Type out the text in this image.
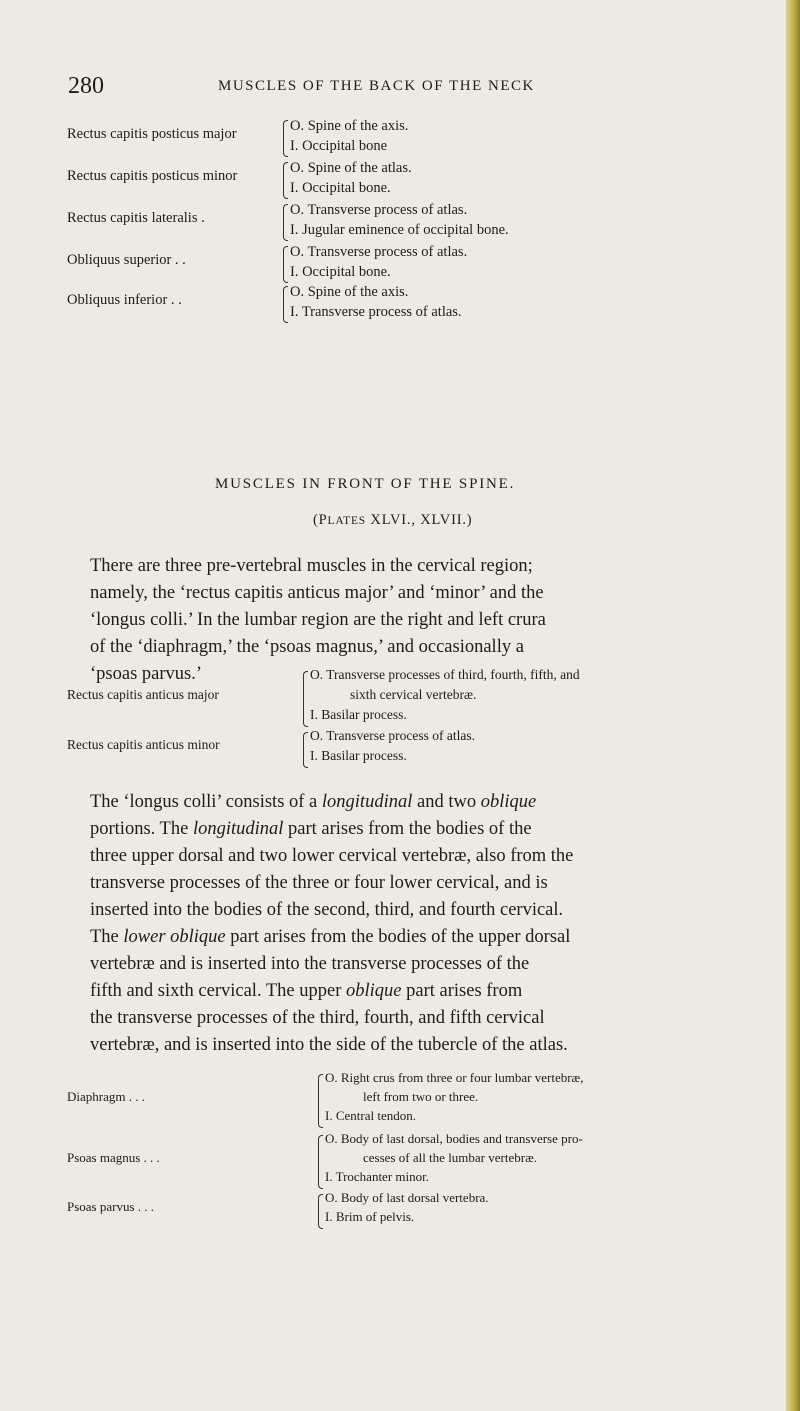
280	MUSCLES OF THE BACK OF THE NECK
Rectus capitis posticus major	O. Spine of the axis.
I. Occipital bone
Rectus capitis posticus minor	O. Spine of the atlas.
I. Occipital bone.
Rectus capitis lateralis .	O. Transverse process of atlas.
I. Jugular eminence of occipital bone.
Obliquus superior . .	O. Transverse process of atlas.
I. Occipital bone.
Obliquus inferior . .	O. Spine of the axis.
I. Transverse process of atlas.
MUSCLES IN FRONT OF THE SPINE.
(PLATES XLVI., XLVII.)
There are three pre-vertebral muscles in the cervical region;
namely, the ‘rectus capitis anticus major’ and ‘minor’ and the
‘longus colli.’ In the lumbar region are the right and left crura
of the ‘diaphragm,’ the ‘psoas magnus,’ and occasionally a
‘psoas parvus.’
Rectus capitis anticus major
O. Transverse processes of third, fourth, fifth, and
sixth cervical vertebræ.
I. Basilar process.
Rectus capitis anticus minor
O. Transverse process of atlas.
I. Basilar process.
The ‘longus colli’ consists of a longitudinal and two oblique
portions. The longitudinal part arises from the bodies of the
three upper dorsal and two lower cervical vertebræ, also from the
transverse processes of the three or four lower cervical, and is
inserted into the bodies of the second, third, and fourth cervical.
The lower oblique part arises from the bodies of the upper dorsal
vertebræ and is inserted into the transverse processes of the
fifth and sixth cervical. The upper oblique part arises from
the transverse processes of the third, fourth, and fifth cervical
vertebræ, and is inserted into the side of the tubercle of the atlas.
Diaphragm . . .
O. Right crus from three or four lumbar vertebræ,
left from two or three.
I. Central tendon.
Psoas magnus . . .
O. Body of last dorsal, bodies and transverse pro-
cesses of all the lumbar vertebræ.
I. Trochanter minor.
Psoas parvus . . .
O. Body of last dorsal vertebra.
I. Brim of pelvis.
